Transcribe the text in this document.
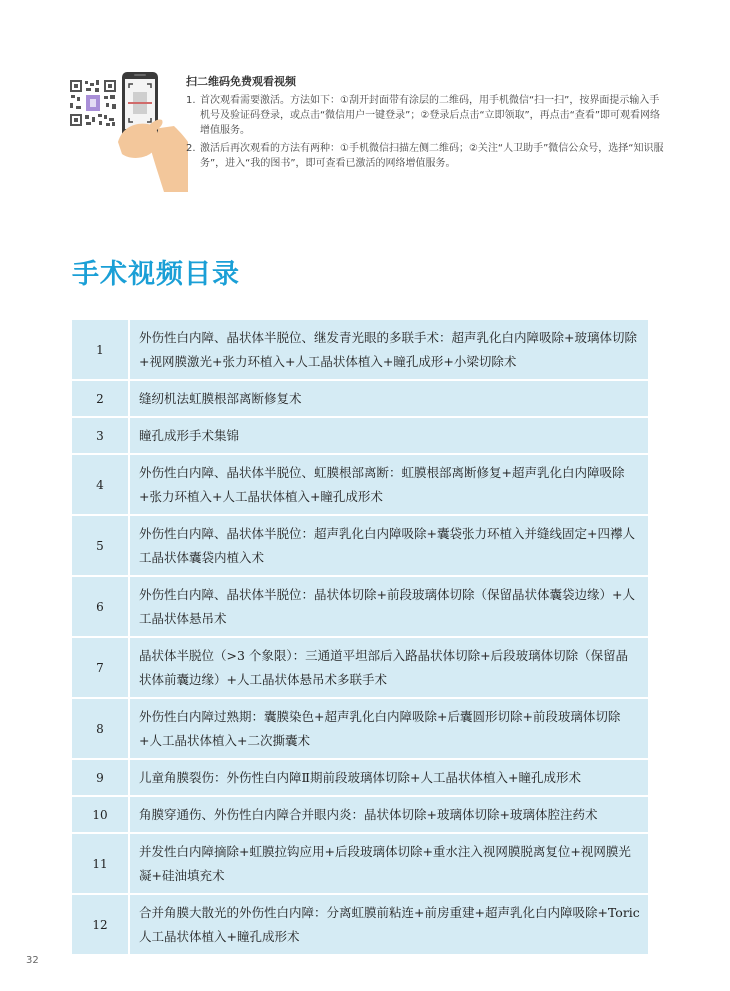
扫二维码免费观看视频
1. 首次观看需要激活。方法如下：①刮开封面带有涂层的二维码，用手机微信“扫一扫”，按界面提示输入手机号及验证码登录，或点击“微信用户一键登录”；②登录后点击“立即领取”，再点击“查看”即可观看网络增值服务。
2. 激活后再次观看的方法有两种：①手机微信扫描左侧二维码；②关注“人卫助手”微信公众号，选择“知识服务”，进入“我的图书”，即可查看已激活的网络增值服务。
手术视频目录
1	外伤性白内障、晶状体半脱位、继发青光眼的多联手术：超声乳化白内障吸除+玻璃体切除+视网膜激光+张力环植入+人工晶状体植入+瞳孔成形+小梁切除术
2	缝纫机法虹膜根部离断修复术
3	瞳孔成形手术集锦
4	外伤性白内障、晶状体半脱位、虹膜根部离断：虹膜根部离断修复+超声乳化白内障吸除+张力环植入+人工晶状体植入+瞳孔成形术
5	外伤性白内障、晶状体半脱位：超声乳化白内障吸除+囊袋张力环植入并缝线固定+四襻人工晶状体囊袋内植入术
6	外伤性白内障、晶状体半脱位：晶状体切除+前段玻璃体切除（保留晶状体囊袋边缘）+人工晶状体悬吊术
7	晶状体半脱位（>3 个象限）：三通道平坦部后入路晶状体切除+后段玻璃体切除（保留晶状体前囊边缘）+人工晶状体悬吊术多联手术
8	外伤性白内障过熟期：囊膜染色+超声乳化白内障吸除+后囊圆形切除+前段玻璃体切除+人工晶状体植入+二次撕囊术
9	儿童角膜裂伤：外伤性白内障Ⅱ期前段玻璃体切除+人工晶状体植入+瞳孔成形术
10	角膜穿通伤、外伤性白内障合并眼内炎：晶状体切除+玻璃体切除+玻璃体腔注药术
11	并发性白内障摘除+虹膜拉钩应用+后段玻璃体切除+重水注入视网膜脱离复位+视网膜光凝+硅油填充术
12	合并角膜大散光的外伤性白内障：分离虹膜前粘连+前房重建+超声乳化白内障吸除+Toric 人工晶状体植入+瞳孔成形术
32
